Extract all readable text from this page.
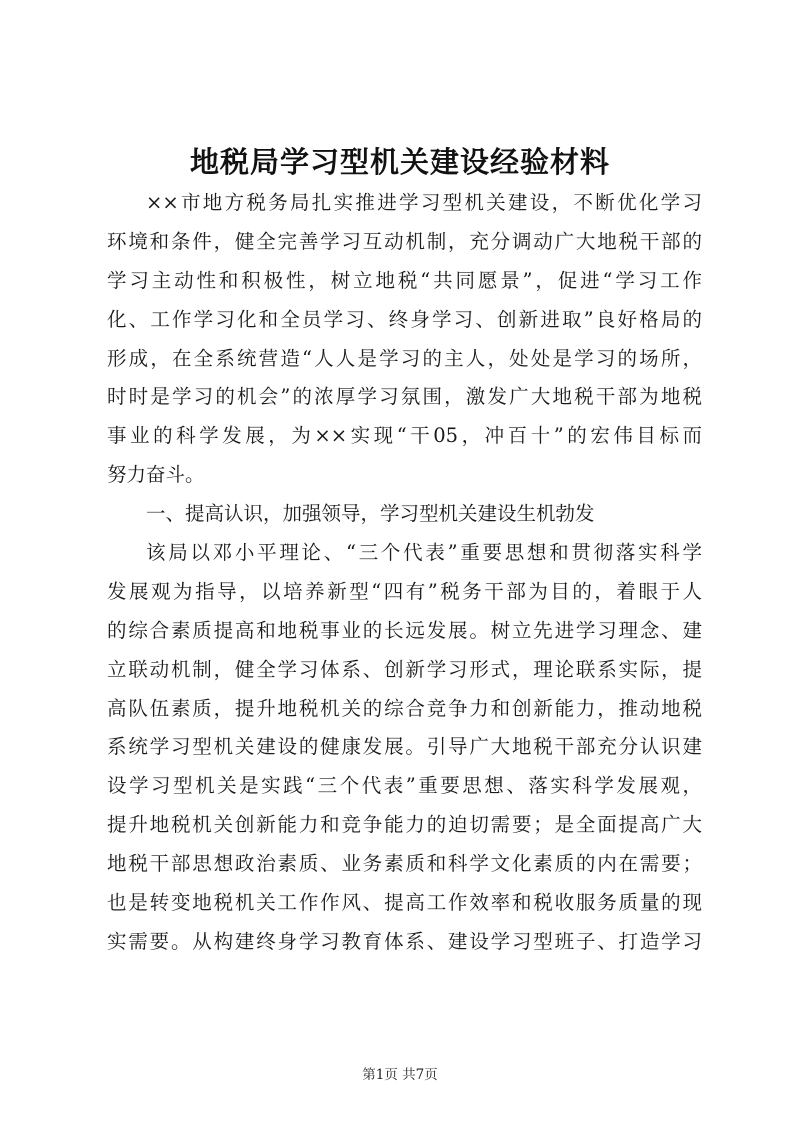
地税局学习型机关建设经验材料
××市地方税务局扎实推进学习型机关建设，不断优化学习
环境和条件，健全完善学习互动机制，充分调动广大地税干部的
学习主动性和积极性，树立地税“共同愿景”，促进“学习工作
化、工作学习化和全员学习、终身学习、创新进取”良好格局的
形成，在全系统营造“人人是学习的主人，处处是学习的场所，
时时是学习的机会”的浓厚学习氛围，激发广大地税干部为地税
事业的科学发展，为××实现“干05，冲百十”的宏伟目标而
努力奋斗。
一、提高认识，加强领导，学习型机关建设生机勃发
该局以邓小平理论、“三个代表”重要思想和贯彻落实科学
发展观为指导，以培养新型“四有”税务干部为目的，着眼于人
的综合素质提高和地税事业的长远发展。树立先进学习理念、建
立联动机制，健全学习体系、创新学习形式，理论联系实际，提
高队伍素质，提升地税机关的综合竞争力和创新能力，推动地税
系统学习型机关建设的健康发展。引导广大地税干部充分认识建
设学习型机关是实践“三个代表”重要思想、落实科学发展观，
提升地税机关创新能力和竞争能力的迫切需要；是全面提高广大
地税干部思想政治素质、业务素质和科学文化素质的内在需要；
也是转变地税机关工作作风、提高工作效率和税收服务质量的现
实需要。从构建终身学习教育体系、建设学习型班子、打造学习
第1页 共7页
